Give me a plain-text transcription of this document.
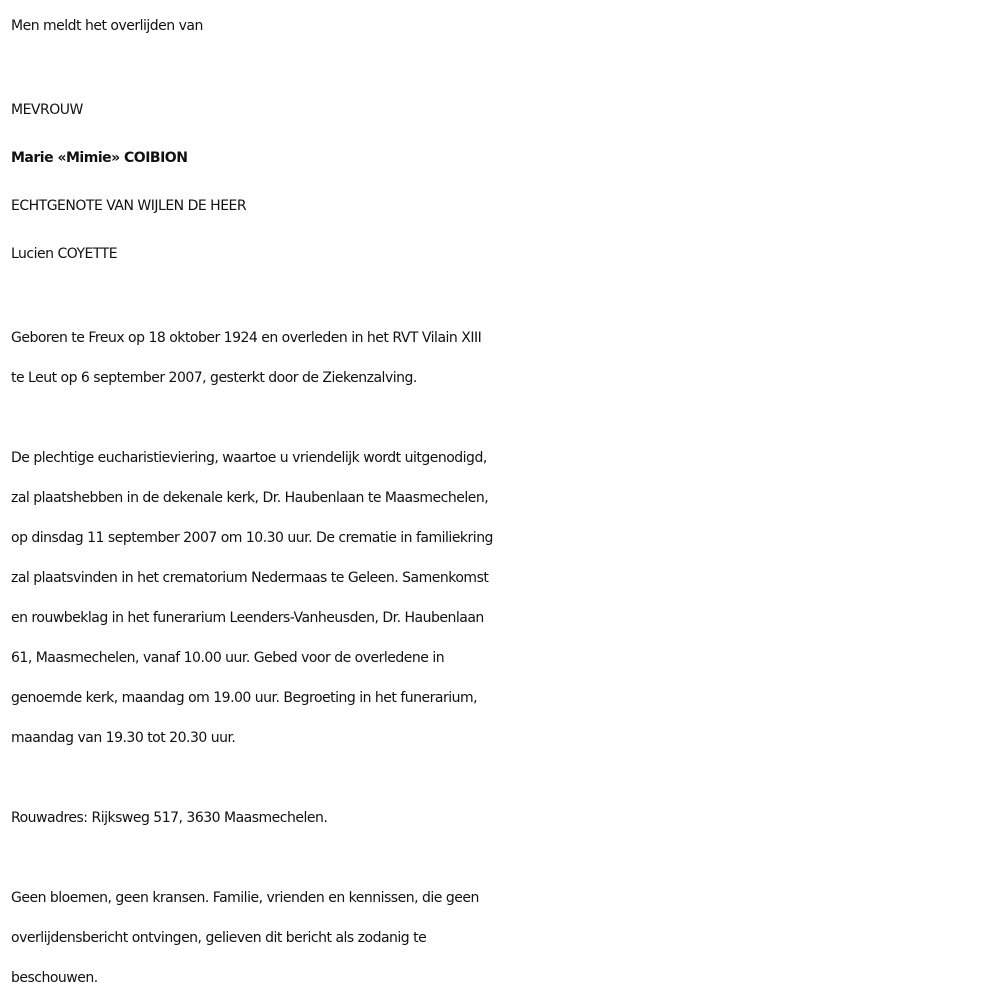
Men meldt het overlijden van
MEVROUW
Marie «Mimie» COIBION
ECHTGENOTE VAN WIJLEN DE HEER
Lucien COYETTE
Geboren te Freux op 18 oktober 1924 en overleden in het RVT Vilain XIII
te Leut op 6 september 2007, gesterkt door de Ziekenzalving.
De plechtige eucharistieviering, waartoe u vriendelijk wordt uitgenodigd,
zal plaatshebben in de dekenale kerk, Dr. Haubenlaan te Maasmechelen,
op dinsdag 11 september 2007 om 10.30 uur. De crematie in familiekring
zal plaatsvinden in het crematorium Nedermaas te Geleen. Samenkomst
en rouwbeklag in het funerarium Leenders-Vanheusden, Dr. Haubenlaan
61, Maasmechelen, vanaf 10.00 uur. Gebed voor de overledene in
genoemde kerk, maandag om 19.00 uur. Begroeting in het funerarium,
maandag van 19.30 tot 20.30 uur.
Rouwadres: Rijksweg 517, 3630 Maasmechelen.
Geen bloemen, geen kransen. Familie, vrienden en kennissen, die geen
overlijdensbericht ontvingen, gelieven dit bericht als zodanig te
beschouwen.
